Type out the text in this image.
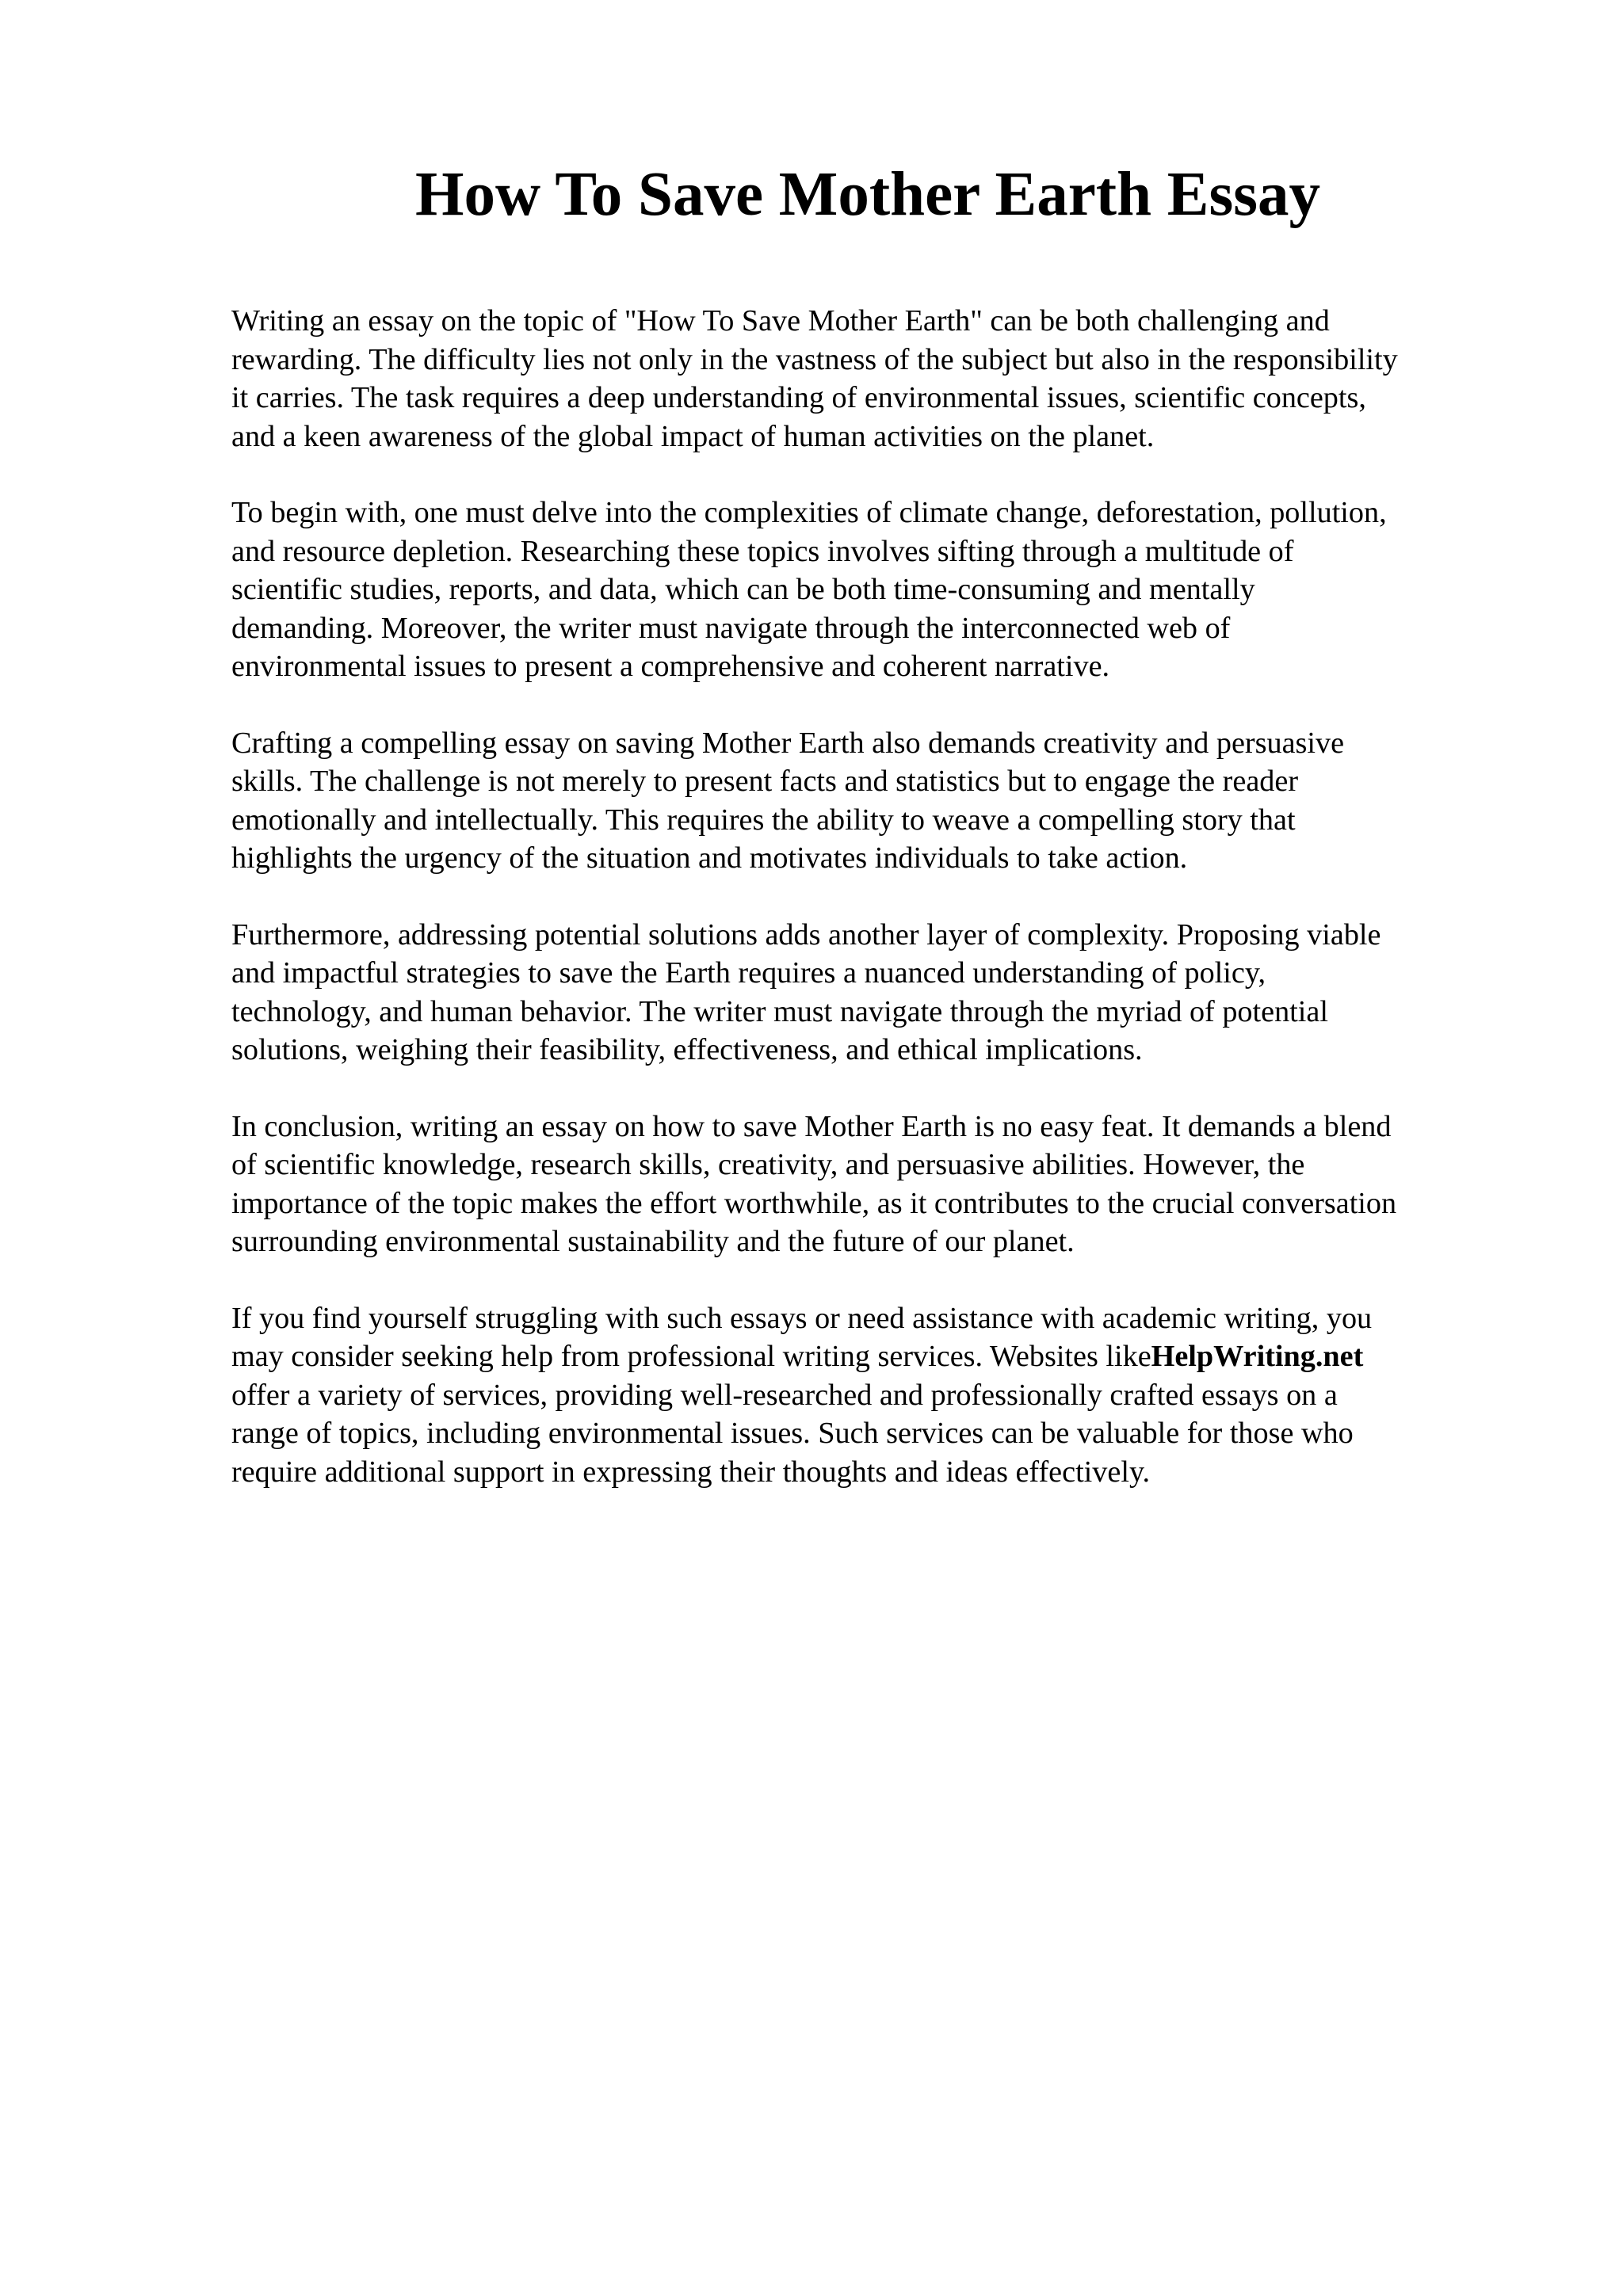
How To Save Mother Earth Essay

Writing an essay on the topic of "How To Save Mother Earth" can be both challenging and
rewarding. The difficulty lies not only in the vastness of the subject but also in the responsibility
it carries. The task requires a deep understanding of environmental issues, scientific concepts,
and a keen awareness of the global impact of human activities on the planet.

To begin with, one must delve into the complexities of climate change, deforestation, pollution,
and resource depletion. Researching these topics involves sifting through a multitude of
scientific studies, reports, and data, which can be both time-consuming and mentally
demanding. Moreover, the writer must navigate through the interconnected web of
environmental issues to present a comprehensive and coherent narrative.

Crafting a compelling essay on saving Mother Earth also demands creativity and persuasive
skills. The challenge is not merely to present facts and statistics but to engage the reader
emotionally and intellectually. This requires the ability to weave a compelling story that
highlights the urgency of the situation and motivates individuals to take action.

Furthermore, addressing potential solutions adds another layer of complexity. Proposing viable
and impactful strategies to save the Earth requires a nuanced understanding of policy,
technology, and human behavior. The writer must navigate through the myriad of potential
solutions, weighing their feasibility, effectiveness, and ethical implications.

In conclusion, writing an essay on how to save Mother Earth is no easy feat. It demands a blend
of scientific knowledge, research skills, creativity, and persuasive abilities. However, the
importance of the topic makes the effort worthwhile, as it contributes to the crucial conversation
surrounding environmental sustainability and the future of our planet.

If you find yourself struggling with such essays or need assistance with academic writing, you
may consider seeking help from professional writing services. Websites likeHelpWriting.net
offer a variety of services, providing well-researched and professionally crafted essays on a
range of topics, including environmental issues. Such services can be valuable for those who
require additional support in expressing their thoughts and ideas effectively.
